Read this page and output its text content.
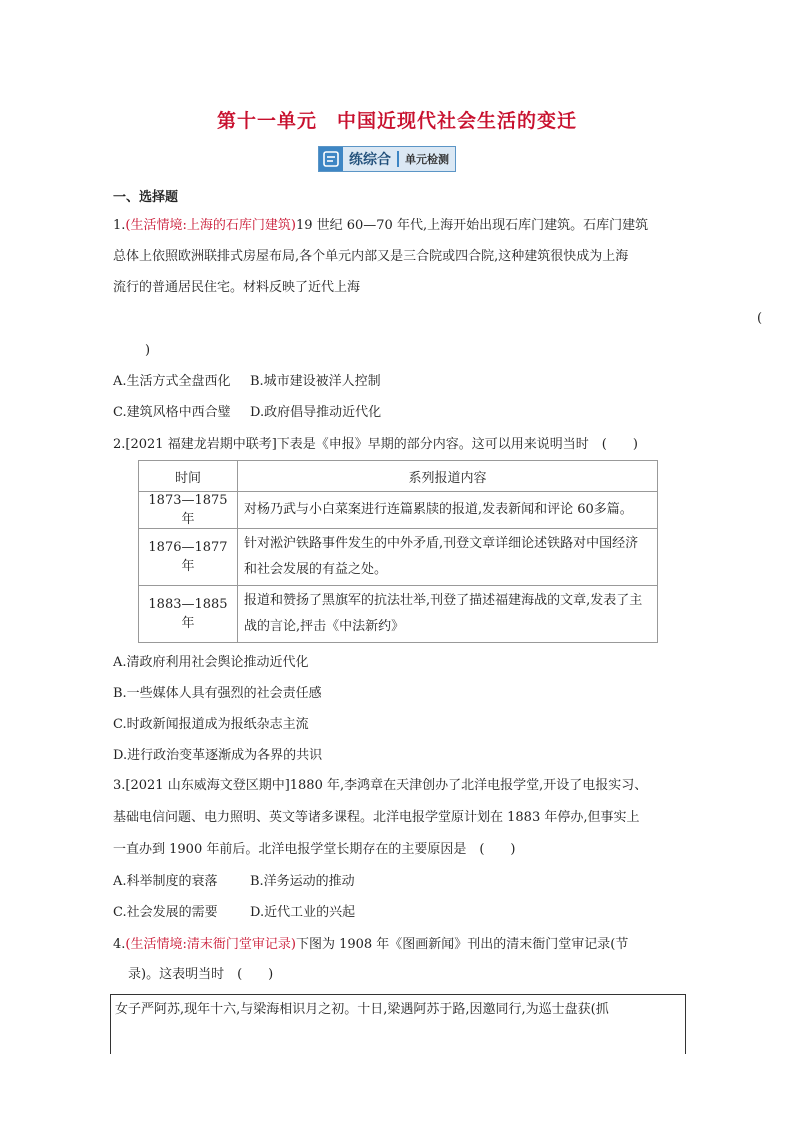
第十一单元　中国近现代社会生活的变迁
练综合	单元检测
一、选择题
1.(生活情境:上海的石库门建筑)19 世纪 60—70 年代,上海开始出现石库门建筑。石库门建筑
总体上依照欧洲联排式房屋布局,各个单元内部又是三合院或四合院,这种建筑很快成为上海
流行的普通居民住宅。材料反映了近代上海
(
)
A.生活方式全盘西化 B.城市建设被洋人控制
C.建筑风格中西合璧 D.政府倡导推动近代化
2.[2021 福建龙岩期中联考]下表是《申报》早期的部分内容。这可以用来说明当时　(　　)
时间	系列报道内容
1873—1875 年	对杨乃武与小白菜案进行连篇累牍的报道,发表新闻和评论 60多篇。
1876—1877 年	针对淞沪铁路事件发生的中外矛盾,刊登文章详细论述铁路对中国经济和社会发展的有益之处。
1883—1885 年	报道和赞扬了黑旗军的抗法壮举,刊登了描述福建海战的文章,发表了主战的言论,抨击《中法新约》
A.清政府利用社会舆论推动近代化
B.一些媒体人具有强烈的社会责任感
C.时政新闻报道成为报纸杂志主流
D.进行政治变革逐渐成为各界的共识
3.[2021 山东威海文登区期中]1880 年,李鸿章在天津创办了北洋电报学堂,开设了电报实习、
基础电信问题、电力照明、英文等诸多课程。北洋电报学堂原计划在 1883 年停办,但事实上
一直办到 1900 年前后。北洋电报学堂长期存在的主要原因是　(　　)
A.科举制度的衰落 B.洋务运动的推动
C.社会发展的需要 D.近代工业的兴起
4.(生活情境:清末衙门堂审记录)下图为 1908 年《图画新闻》刊出的清末衙门堂审记录(节
录)。这表明当时　(　　)
女子严阿苏,现年十六,与梁海相识月之初。十日,梁遇阿苏于路,因邀同行,为巡士盘获(抓
